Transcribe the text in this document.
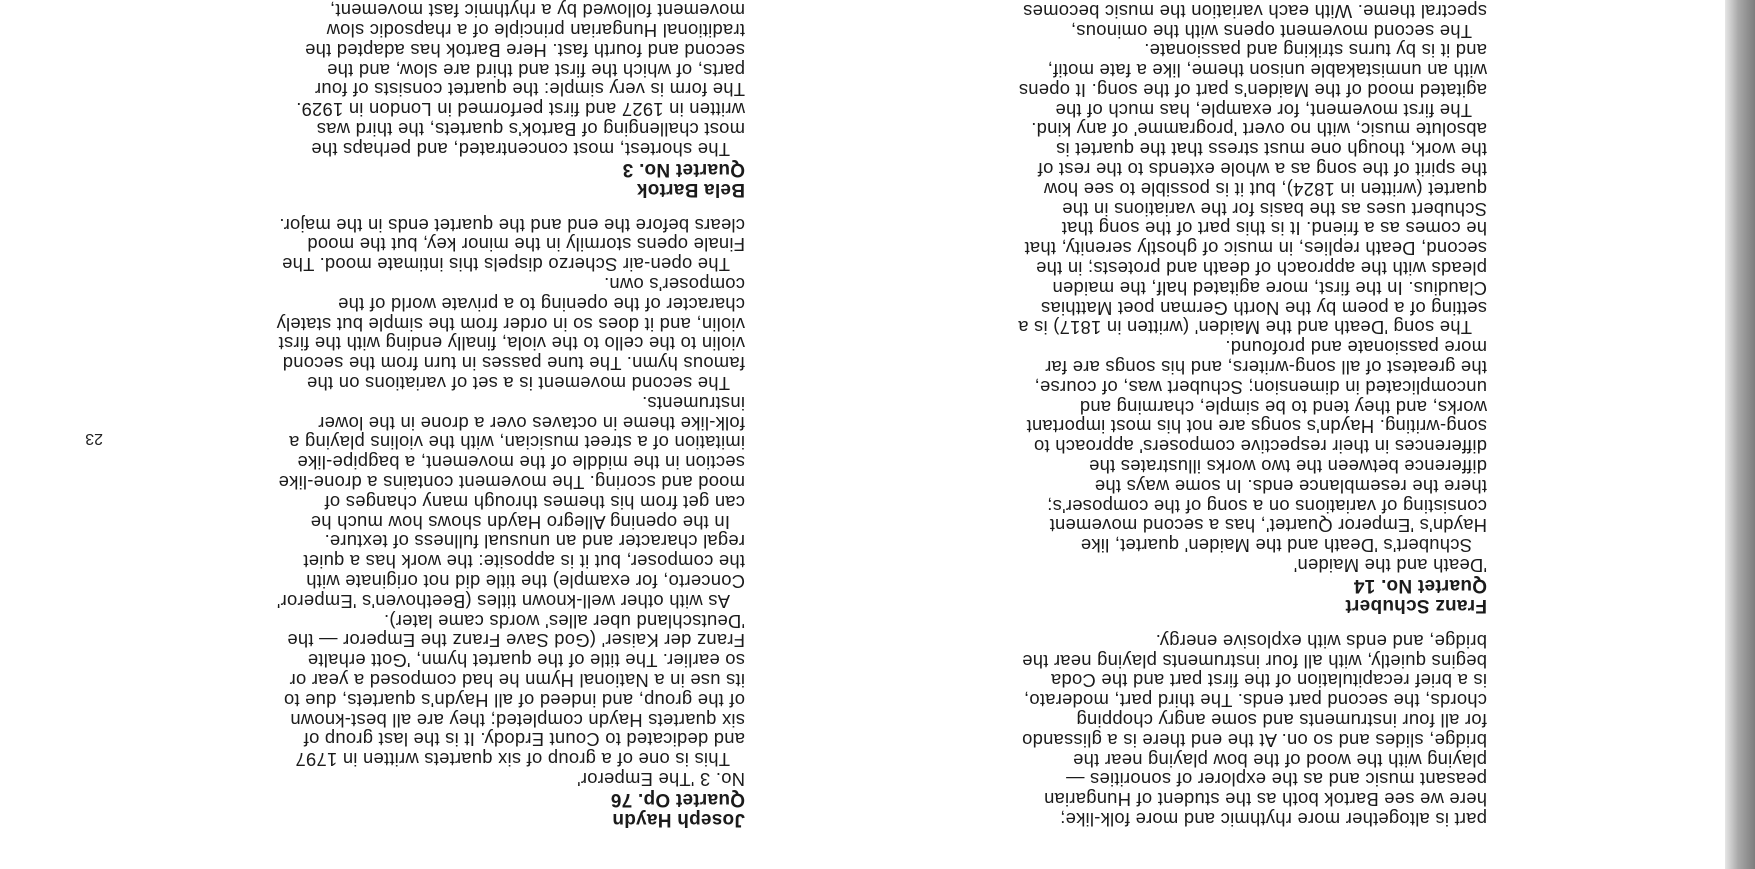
Joseph Haydn

Quartet Op. 76

No. 3 'The Emperor'

This is one of a group of six quartets written in 1797 and dedicated to Count Erdody. It is the last group of six quartets Haydn completed; they are all best-known of the group, and indeed of all Haydn's quartets, due to its use in a National Hymn he had composed a year or so earlier. The title of the quartet hymn, 'Gott erhalte Franz der Kaiser' (God Save Franz the Emperor — the 'Deutschland uber alles' words came later).

As with other well-known titles (Beethoven's 'Emperor' Concerto, for example) the title did not originate with the composer, but it is apposite: the work has a quiet regal character and an unusual fullness of texture.

In the opening Allegro Haydn shows how much he can get from his themes through many changes of mood and scoring. The movement contains a drone-like section in the middle of the movement, a bagpipe-like imitation of a street musician, with the violins playing a folk-like theme in octaves over a drone in the lower instruments.

The second movement is a set of variations on the famous hymn. The tune passes in turn from the second violin to the cello to the viola, finally ending with the first violin, and it does so in order from the simple but stately character of the opening to a private world of the composer's own.

The open-air Scherzo dispels this intimate mood. The Finale opens stormily in the minor key, but the mood clears before the end and the quartet ends in the major.

Bela Bartok

Quartet No. 3

The shortest, most concentrated, and perhaps the most challenging of Bartok's quartets, the third was written in 1927 and first performed in London in 1929. The form is very simple: the quartet consists of four parts, of which the first and third are slow, and the second and fourth fast. Here Bartok has adapted the traditional Hungarian principle of a rhapsodic slow movement followed by a rhythmic fast movement,

part is altogether more rhythmic and more folk-like; here we see Bartok both as the student of Hungarian peasant music and as the explorer of sonorities — playing with the wood of the bow playing near the bridge, slides and so on. At the end there is a glissando for all four instruments and some angry chopping chords, the second part ends. The third part, moderato, is a brief recapitulation of the first part and the Coda begins quietly, with all four instruments playing near the bridge, and ends with explosive energy.

Franz Schubert

Quartet No. 14

'Death and the Maiden'

Schubert's 'Death and the Maiden' quartet, like Haydn's 'Emperor Quartet', has a second movement consisting of variations on a song of the composer's; there the resemblance ends. In some ways the difference between the two works illustrates the differences in their respective composers' approach to song-writing. Haydn's songs are not his most important works, and they tend to be simple, charming and uncomplicated in dimension; Schubert was, of course, the greatest of all song-writers, and his songs are far more passionate and profound.

The song 'Death and the Maiden' (written in 1817) is a setting of a poem by the North German poet Matthias Claudius. In the first, more agitated half, the maiden pleads with the approach of death and protests; in the second, Death replies, in music of ghostly serenity, that he comes as a friend. It is this part of the song that Schubert uses as the basis for the variations in the quartet (written in 1824), but it is possible to see how the spirit of the song as a whole extends to the rest of the work, though one must stress that the quartet is absolute music, with no overt 'programme' of any kind.

The first movement, for example, has much of the agitated mood of the Maiden's part of the song. It opens with an unmistakable unison theme, like a fate motif, and it is by turns striking and passionate.

The second movement opens with the ominous, spectral theme. With each variation the music becomes

23
